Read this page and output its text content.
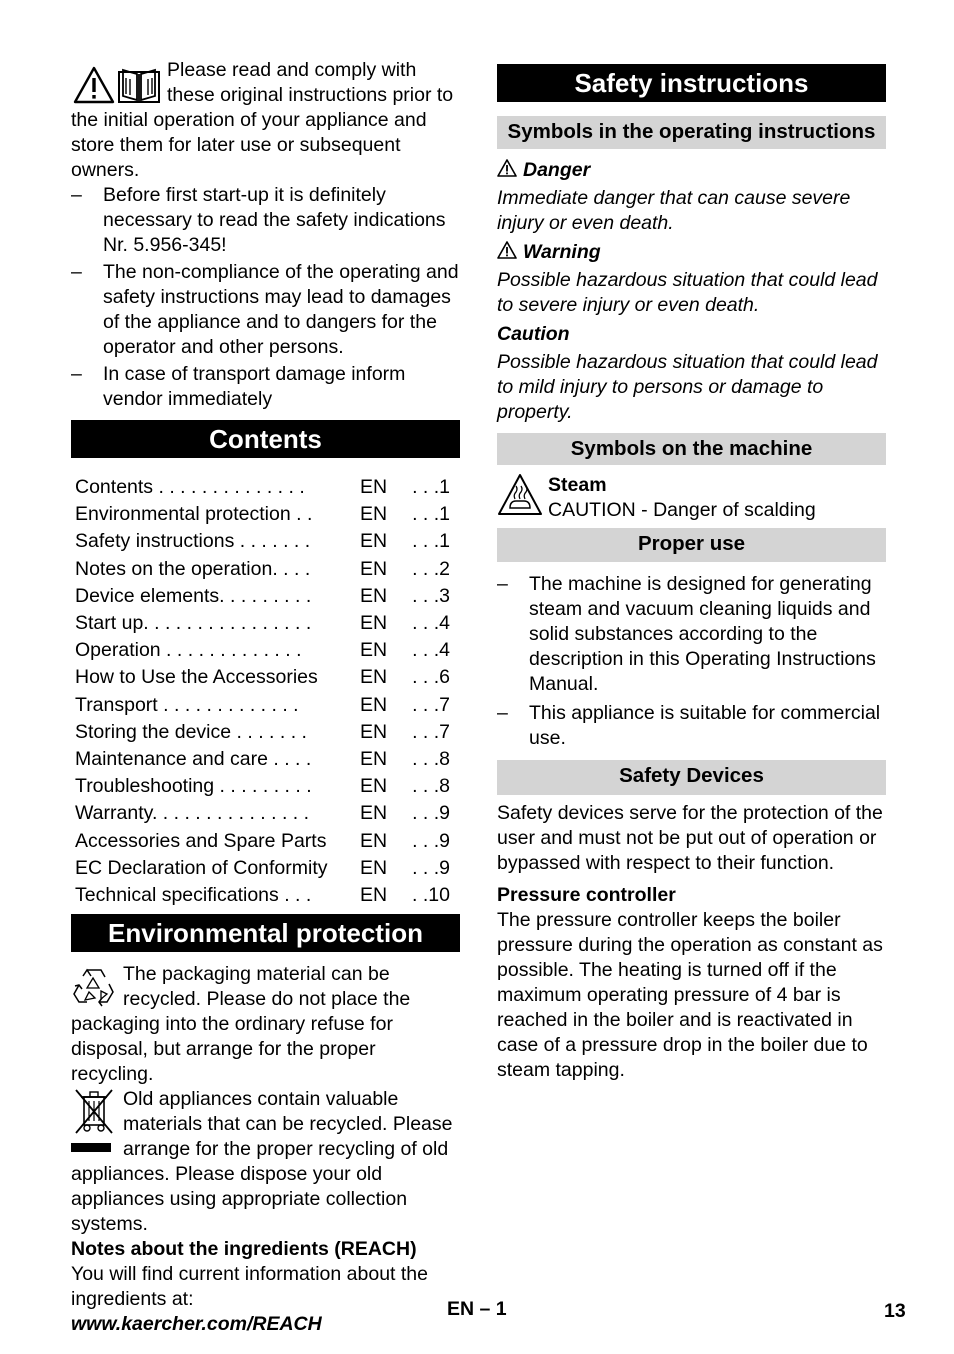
Please read and comply with these original instructions prior to the initial operation of your appliance and store them for later use or subsequent owners.

– Before first start-up it is definitely necessary to read the safety indications Nr. 5.956-345!
– The non-compliance of the operating and safety instructions may lead to damages of the appliance and to dangers for the operator and other persons.
– In case of transport damage inform vendor immediately
Contents
Contents . . . . . . . . . . . . . .	EN	. . .1
Environmental protection . .	EN	. . .1
Safety instructions . . . . . . .	EN	. . .1
Notes on the operation. . . .	EN	. . .2
Device elements. . . . . . . . .	EN	. . .3
Start up. . . . . . . . . . . . . . . .	EN	. . .4
Operation . . . . . . . . . . . . .	EN	. . .4
How to Use the Accessories	EN	. . .6
Transport . . . . . . . . . . . . .	EN	. . .7
Storing the device . . . . . . .	EN	. . .7
Maintenance and care . . . .	EN	. . .8
Troubleshooting . . . . . . . . .	EN	. . .8
Warranty. . . . . . . . . . . . . . .	EN	. . .9
Accessories and Spare Parts	EN	. . .9
EC Declaration of Conformity	EN	. . .9
Technical specifications . . .	EN	. .10
Environmental protection

The packaging material can be recycled. Please do not place the packaging into the ordinary refuse for disposal, but arrange for the proper recycling.

Old appliances contain valuable materials that can be recycled. Please arrange for the proper recycling of old appliances. Please dispose your old appliances using appropriate collection systems.

Notes about the ingredients (REACH)

You will find current information about the ingredients at:

www.kaercher.com/REACH

Safety instructions
Symbols in the operating instructions

Danger

Immediate danger that can cause severe injury or even death.

Warning

Possible hazardous situation that could lead to severe injury or even death.

Caution

Possible hazardous situation that could lead to mild injury to persons or damage to property.

Symbols on the machine

Steam

CAUTION - Danger of scalding

Proper use
– The machine is designed for generating steam and vacuum cleaning liquids and solid substances according to the description in this Operating Instructions Manual.
– This appliance is suitable for commercial use.
Safety Devices

Safety devices serve for the protection of the user and must not be put out of operation or bypassed with respect to their function.

Pressure controller

The pressure controller keeps the boiler pressure during the operation as constant as possible. The heating is turned off if the maximum operating pressure of 4 bar is reached in the boiler and is reactivated in case of a pressure drop in the boiler due to steam tapping.

EN – 1	13
